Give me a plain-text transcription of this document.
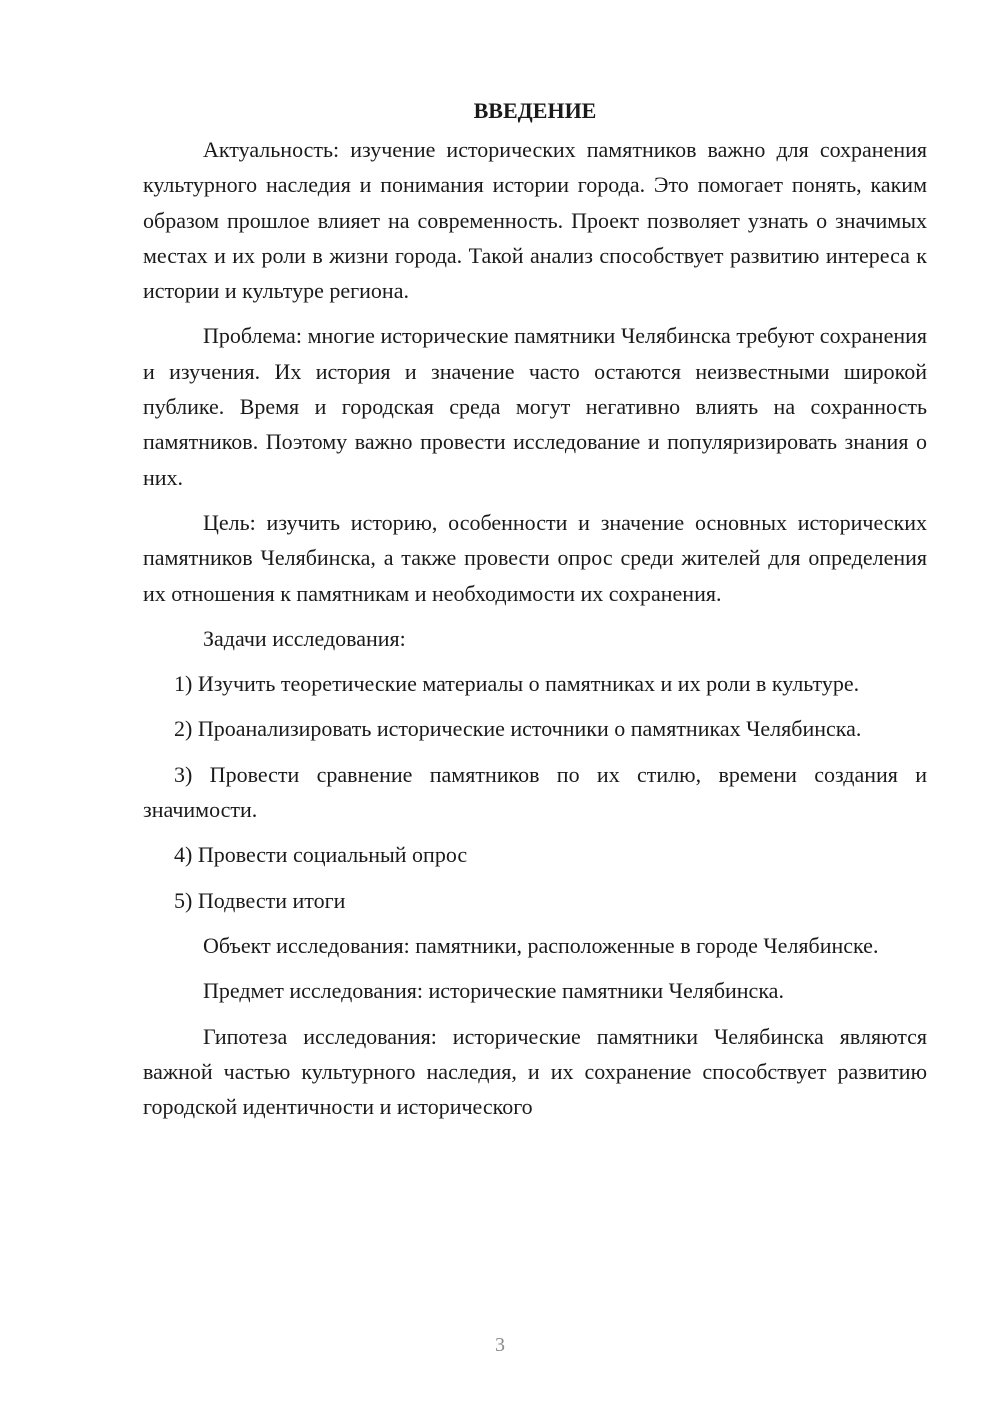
ВВЕДЕНИЕ

Актуальность: изучение исторических памятников важно для сохранения культурного наследия и понимания истории города. Это помогает понять, каким образом прошлое влияет на современность. Проект позволяет узнать о значимых местах и их роли в жизни города. Такой анализ способствует развитию интереса к истории и культуре региона.

Проблема: многие исторические памятники Челябинска требуют сохранения и изучения. Их история и значение часто остаются неизвестными широкой публике. Время и городская среда могут негативно влиять на сохранность памятников. Поэтому важно провести исследование и популяризировать знания о них.

Цель: изучить историю, особенности и значение основных исторических памятников Челябинска, а также провести опрос среди жителей для определения их отношения к памятникам и необходимости их сохранения.

Задачи исследования:

1) Изучить теоретические материалы о памятниках и их роли в культуре.

2) Проанализировать исторические источники о памятниках Челябинска.

3) Провести сравнение памятников по их стилю, времени создания и значимости.

4) Провести социальный опрос

5) Подвести итоги

Объект исследования: памятники, расположенные в городе Челябинске.

Предмет исследования: исторические памятники Челябинска.

Гипотеза исследования: исторические памятники Челябинска являются важной частью культурного наследия, и их сохранение способствует развитию городской идентичности и исторического

3
